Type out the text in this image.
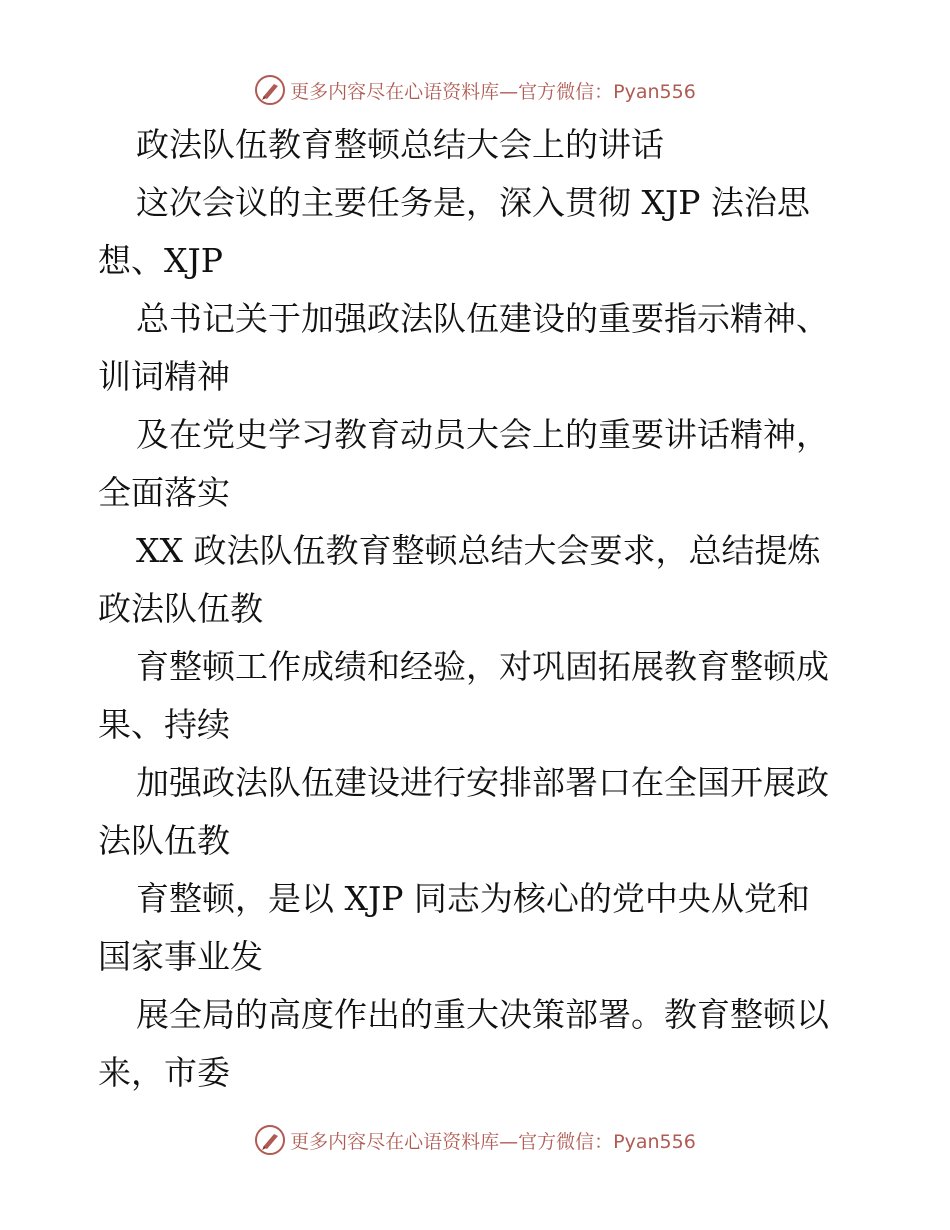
更多内容尽在心语资料库—官方微信：Pyan556
政法队伍教育整顿总结大会上的讲话
这次会议的主要任务是，深入贯彻 XJP 法治思
想、XJP
总书记关于加强政法队伍建设的重要指示精神、
训词精神
及在党史学习教育动员大会上的重要讲话精神，
全面落实
XX 政法队伍教育整顿总结大会要求，总结提炼
政法队伍教
育整顿工作成绩和经验，对巩固拓展教育整顿成
果、持续
加强政法队伍建设进行安排部署口在全国开展政
法队伍教
育整顿，是以 XJP 同志为核心的党中央从党和
国家事业发
展全局的高度作出的重大决策部署。教育整顿以
来，市委
更多内容尽在心语资料库—官方微信：Pyan556
